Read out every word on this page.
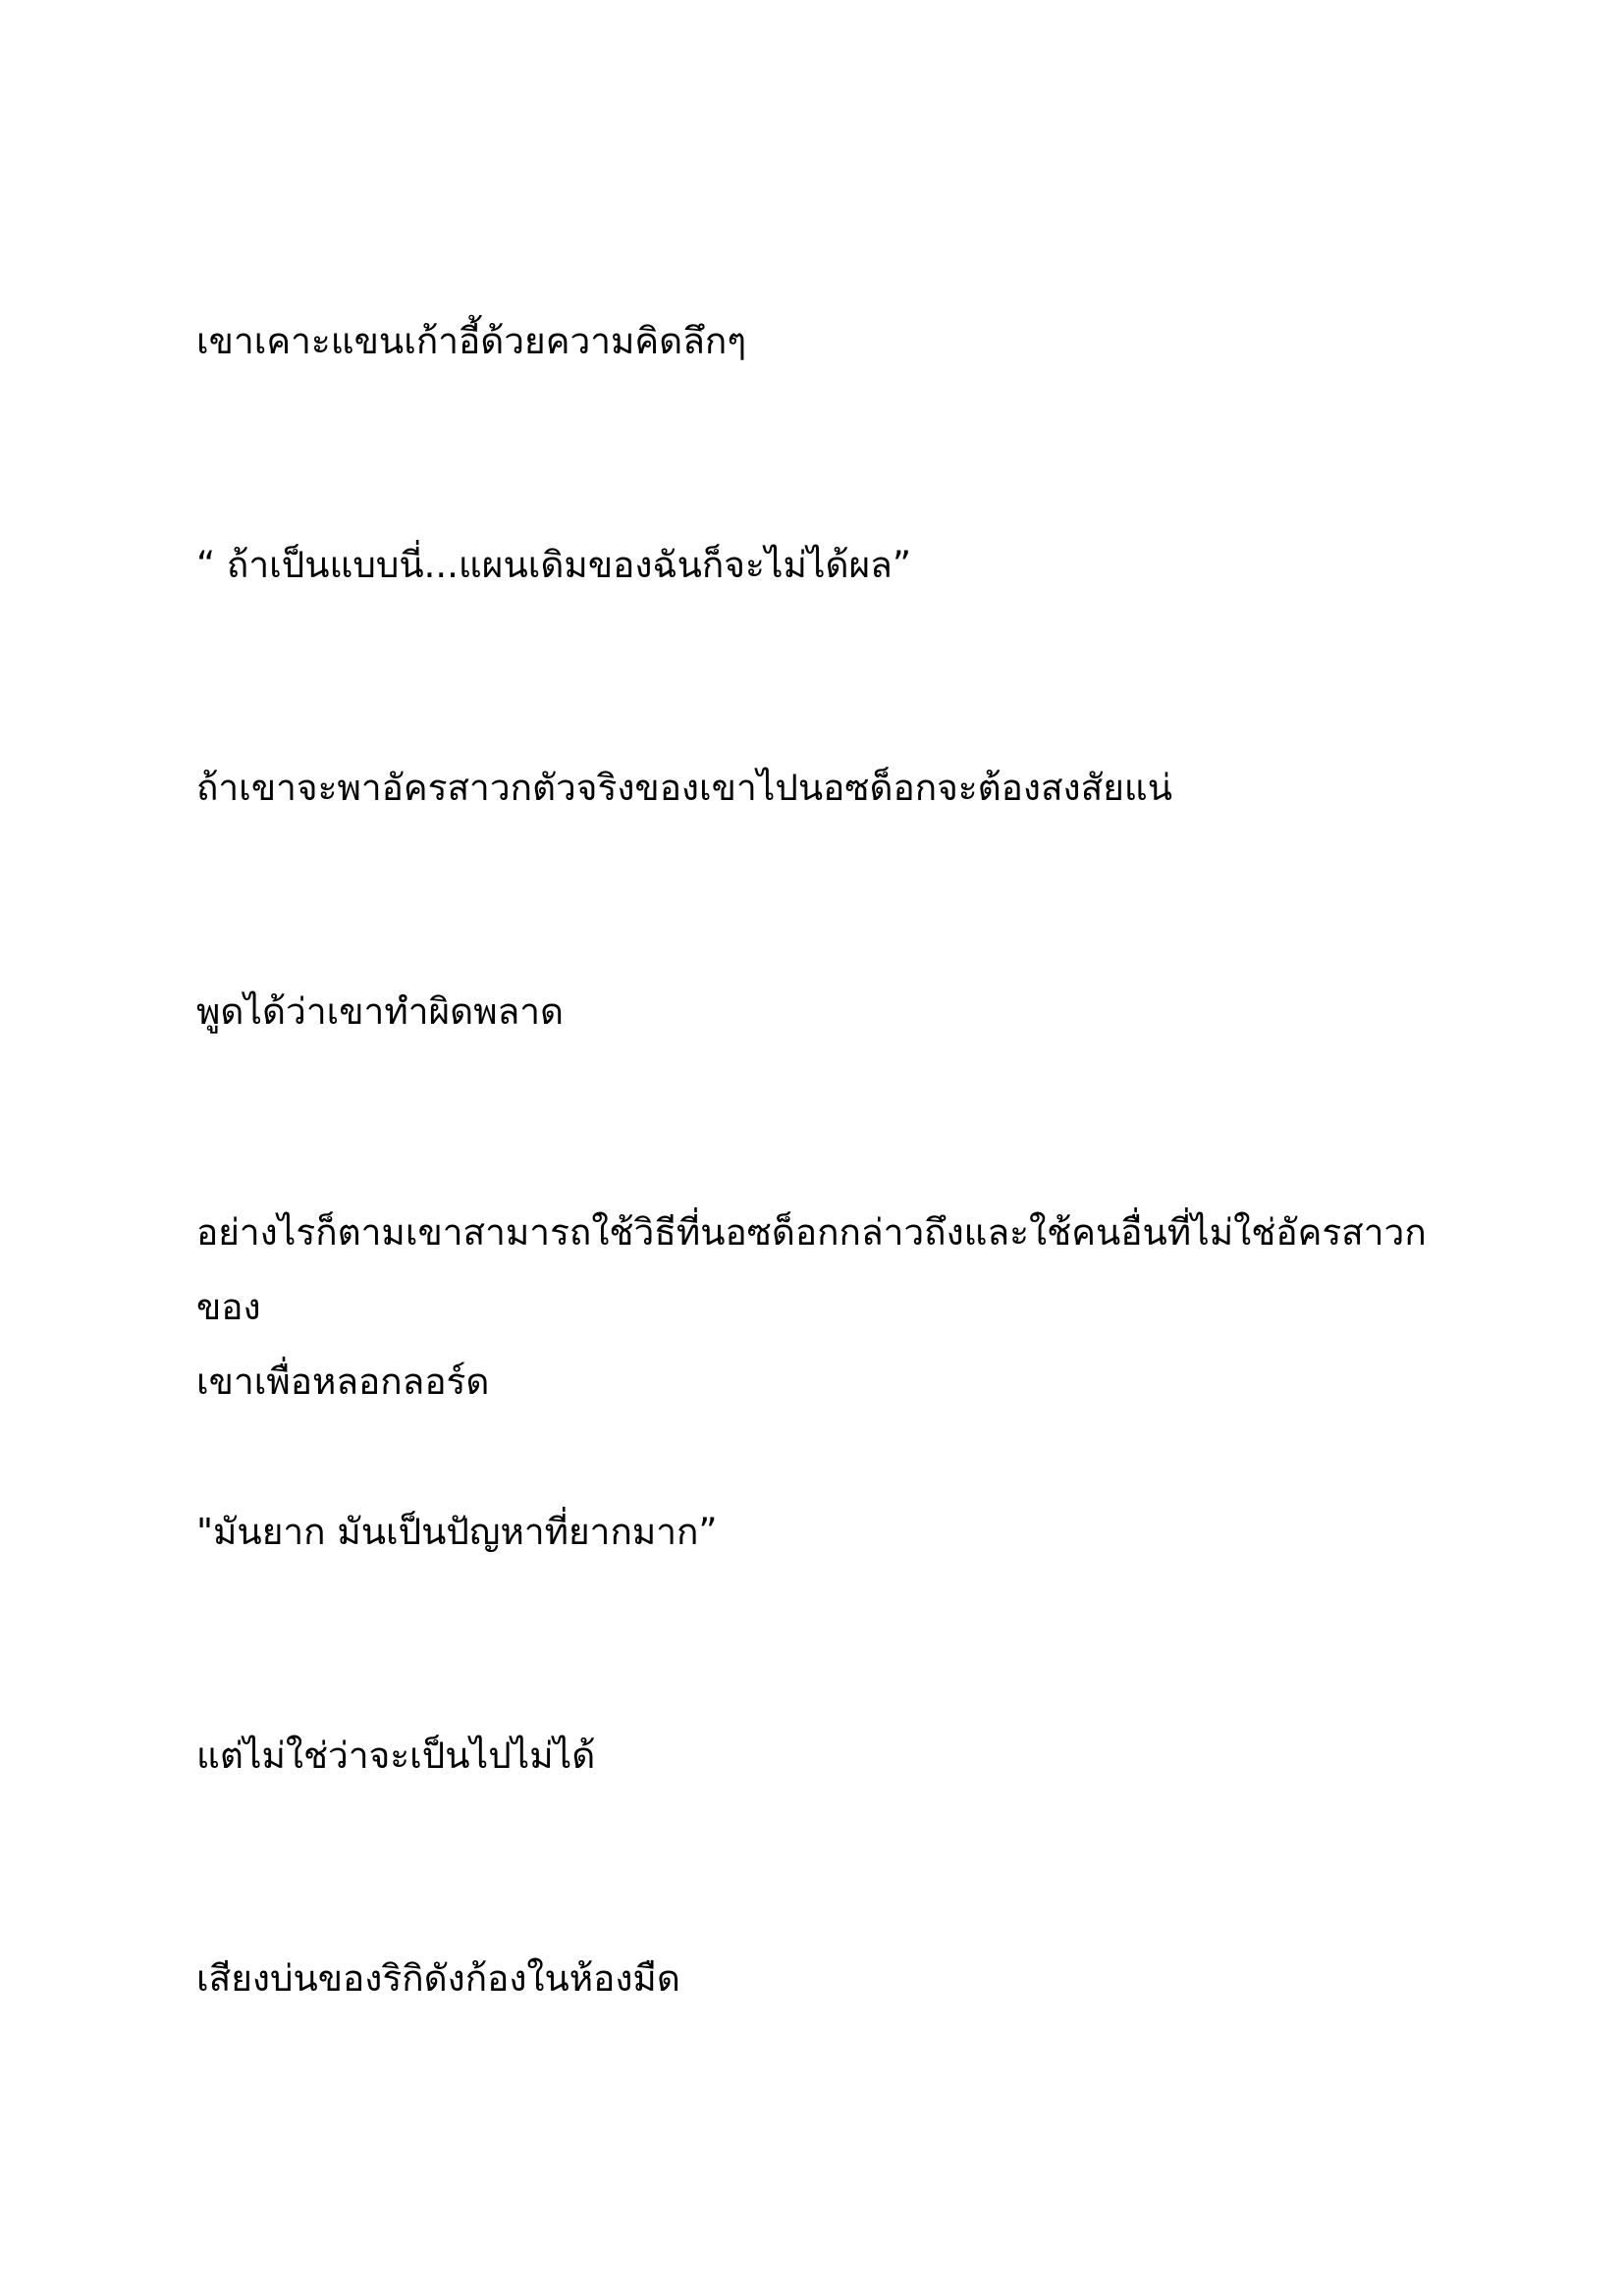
เขาเคาะแขนเก้าอี้ด้วยความคิดลึกๆ

“ ถ้าเป็นแบบนี่...แผนเดิมของฉันก็จะไม่ได้ผล”

ถ้าเขาจะพาอัครสาวกตัวจริงของเขาไปนอซด็อกจะต้องสงสัยแน่

พูดได้ว่าเขาทำผิดพลาด

อย่างไรก็ตามเขาสามารถใช้วิธีที่นอซด็อกกล่าวถึงและใช้คนอื่นที่ไม่ใช่อัครสาวกของ
เขาเพื่อหลอกลอร์ด

"มันยาก มันเป็นปัญหาที่ยากมาก”

แต่ไม่ใช่ว่าจะเป็นไปไม่ได้

เสียงบ่นของริกิดังก้องในห้องมืด
